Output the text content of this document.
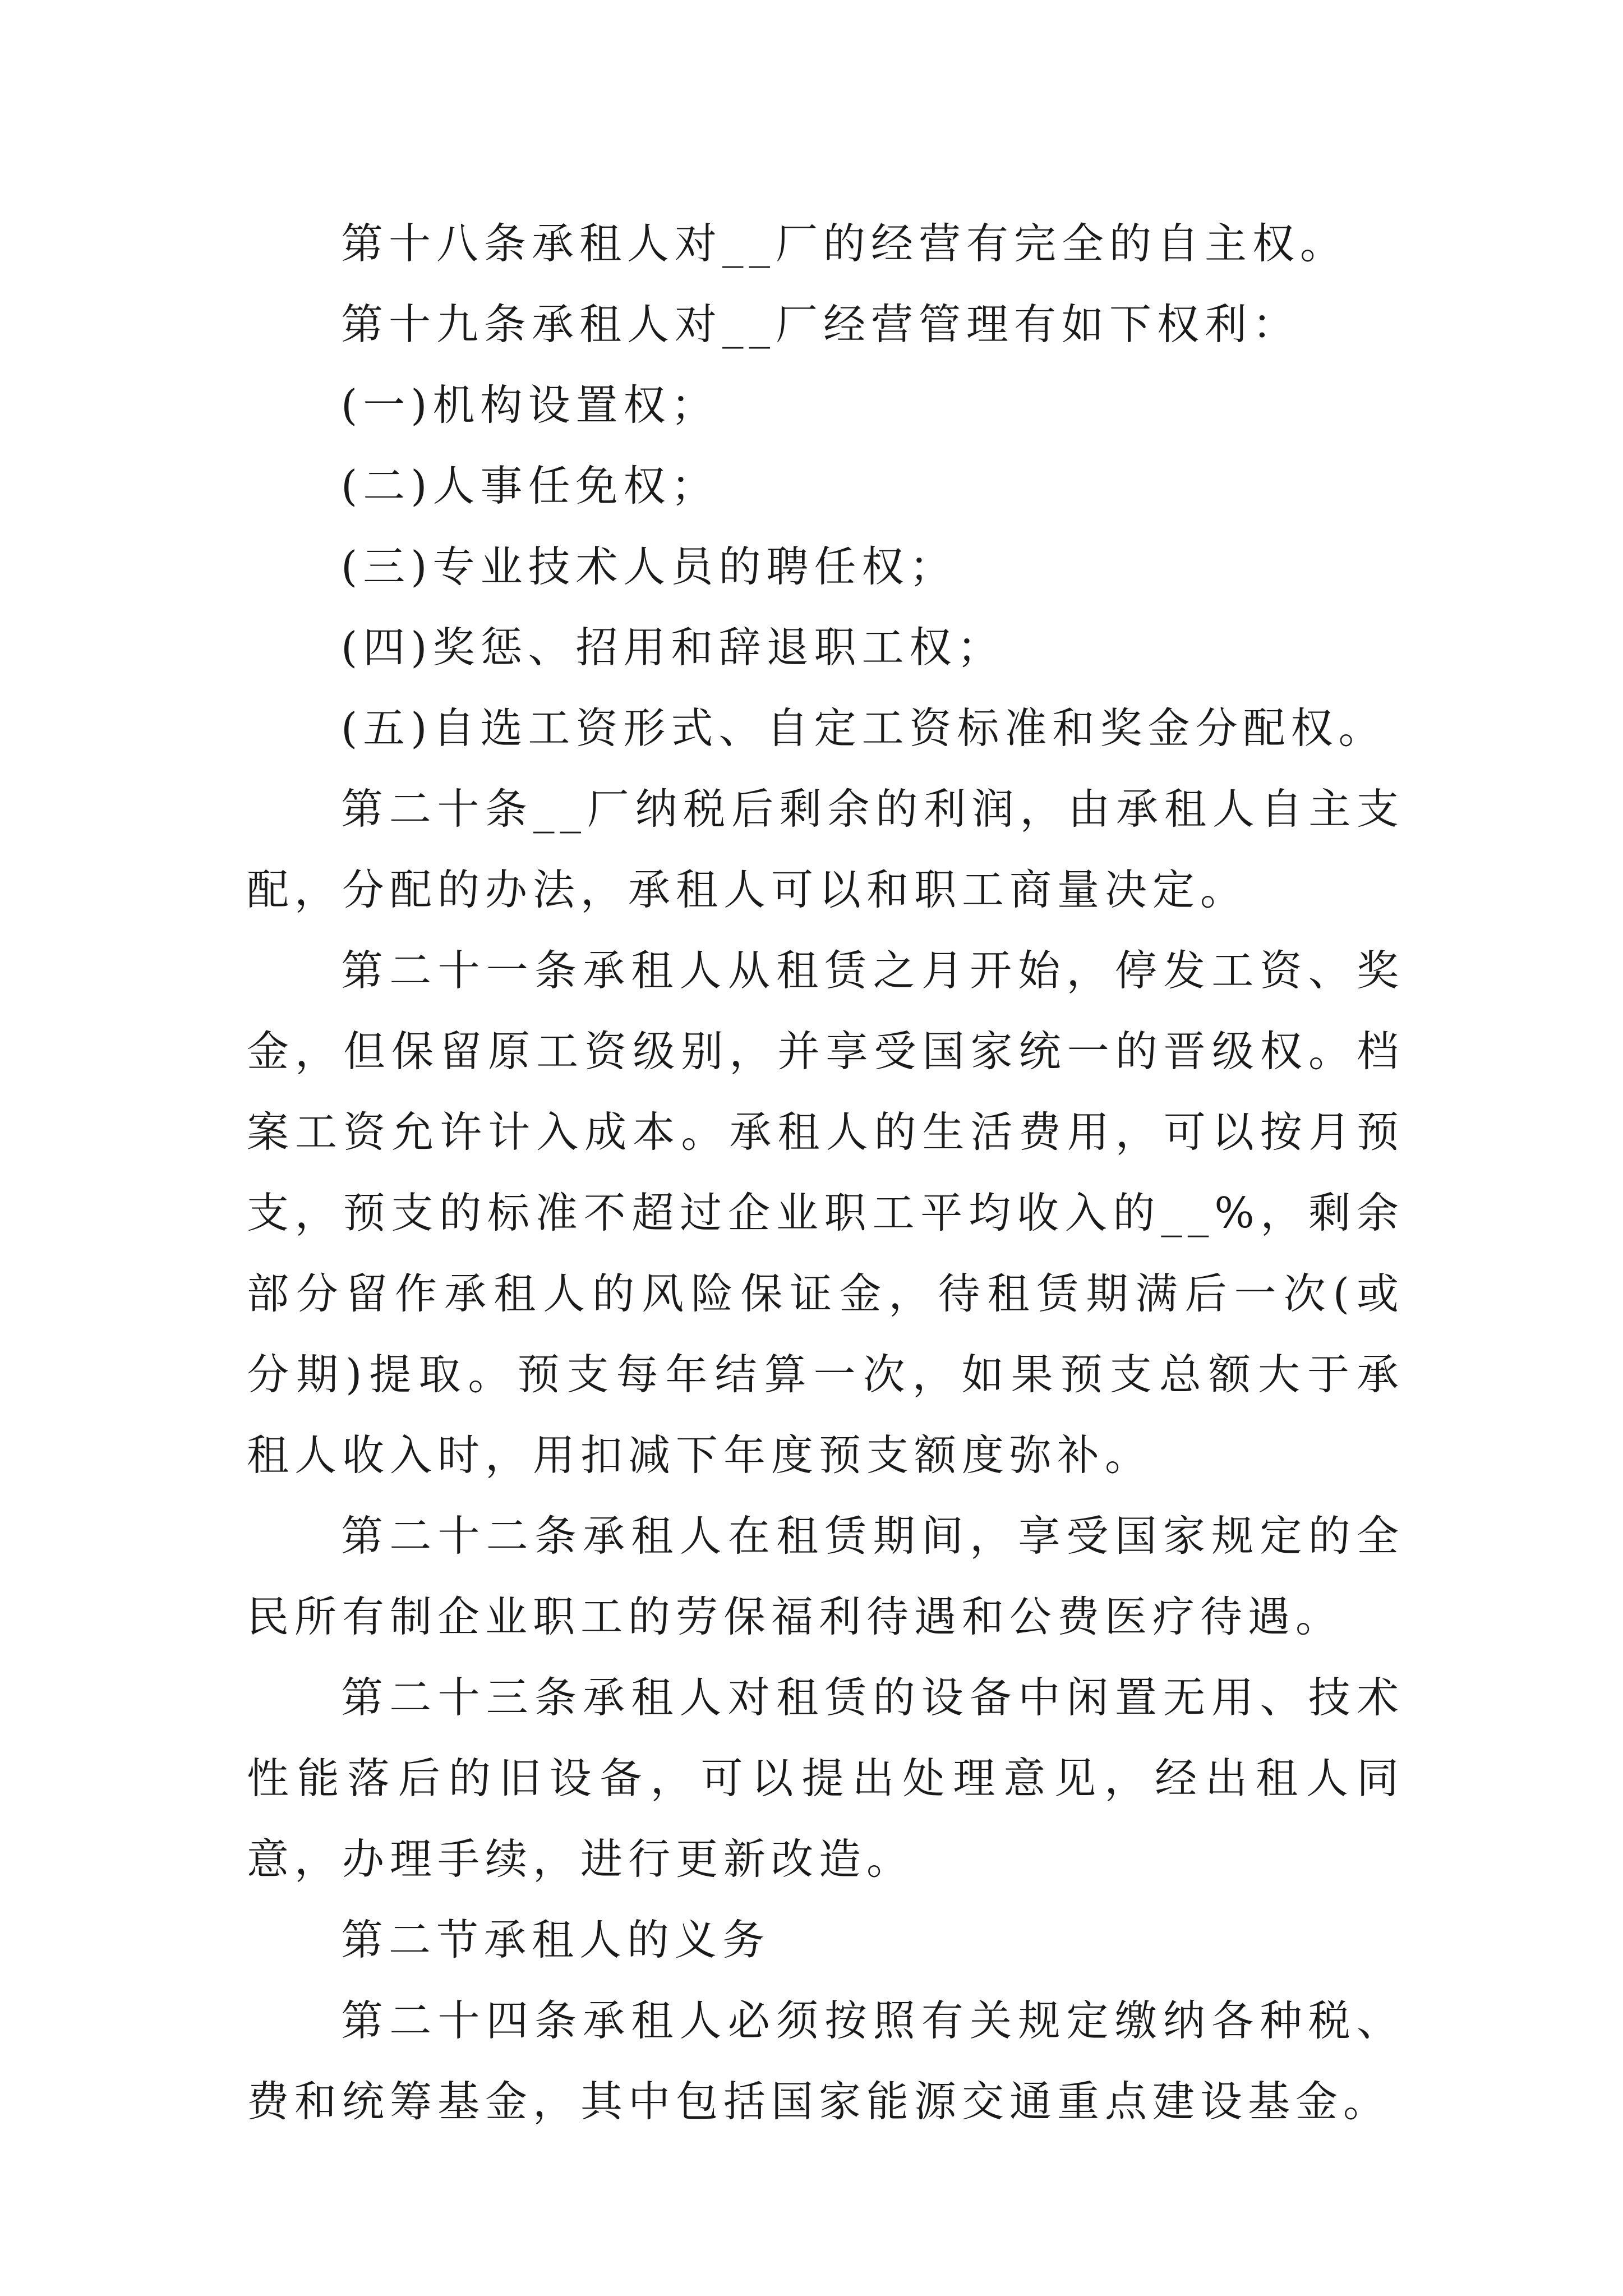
第十八条承租人对__厂的经营有完全的自主权。

第十九条承租人对__厂经营管理有如下权利：

(一)机构设置权；

(二)人事任免权；

(三)专业技术人员的聘任权；

(四)奖惩、招用和辞退职工权；

(五)自选工资形式、自定工资标准和奖金分配权。

第二十条__厂纳税后剩余的利润，由承租人自主支配，分配的办法，承租人可以和职工商量决定。

第二十一条承租人从租赁之月开始，停发工资、奖金，但保留原工资级别，并享受国家统一的晋级权。档案工资允许计入成本。承租人的生活费用，可以按月预支，预支的标准不超过企业职工平均收入的__%，剩余部分留作承租人的风险保证金，待租赁期满后一次(或分期)提取。预支每年结算一次，如果预支总额大于承租人收入时，用扣减下年度预支额度弥补。

第二十二条承租人在租赁期间，享受国家规定的全民所有制企业职工的劳保福利待遇和公费医疗待遇。

第二十三条承租人对租赁的设备中闲置无用、技术性能落后的旧设备，可以提出处理意见，经出租人同意，办理手续，进行更新改造。

第二节承租人的义务

第二十四条承租人必须按照有关规定缴纳各种税、费和统筹基金，其中包括国家能源交通重点建设基金。
